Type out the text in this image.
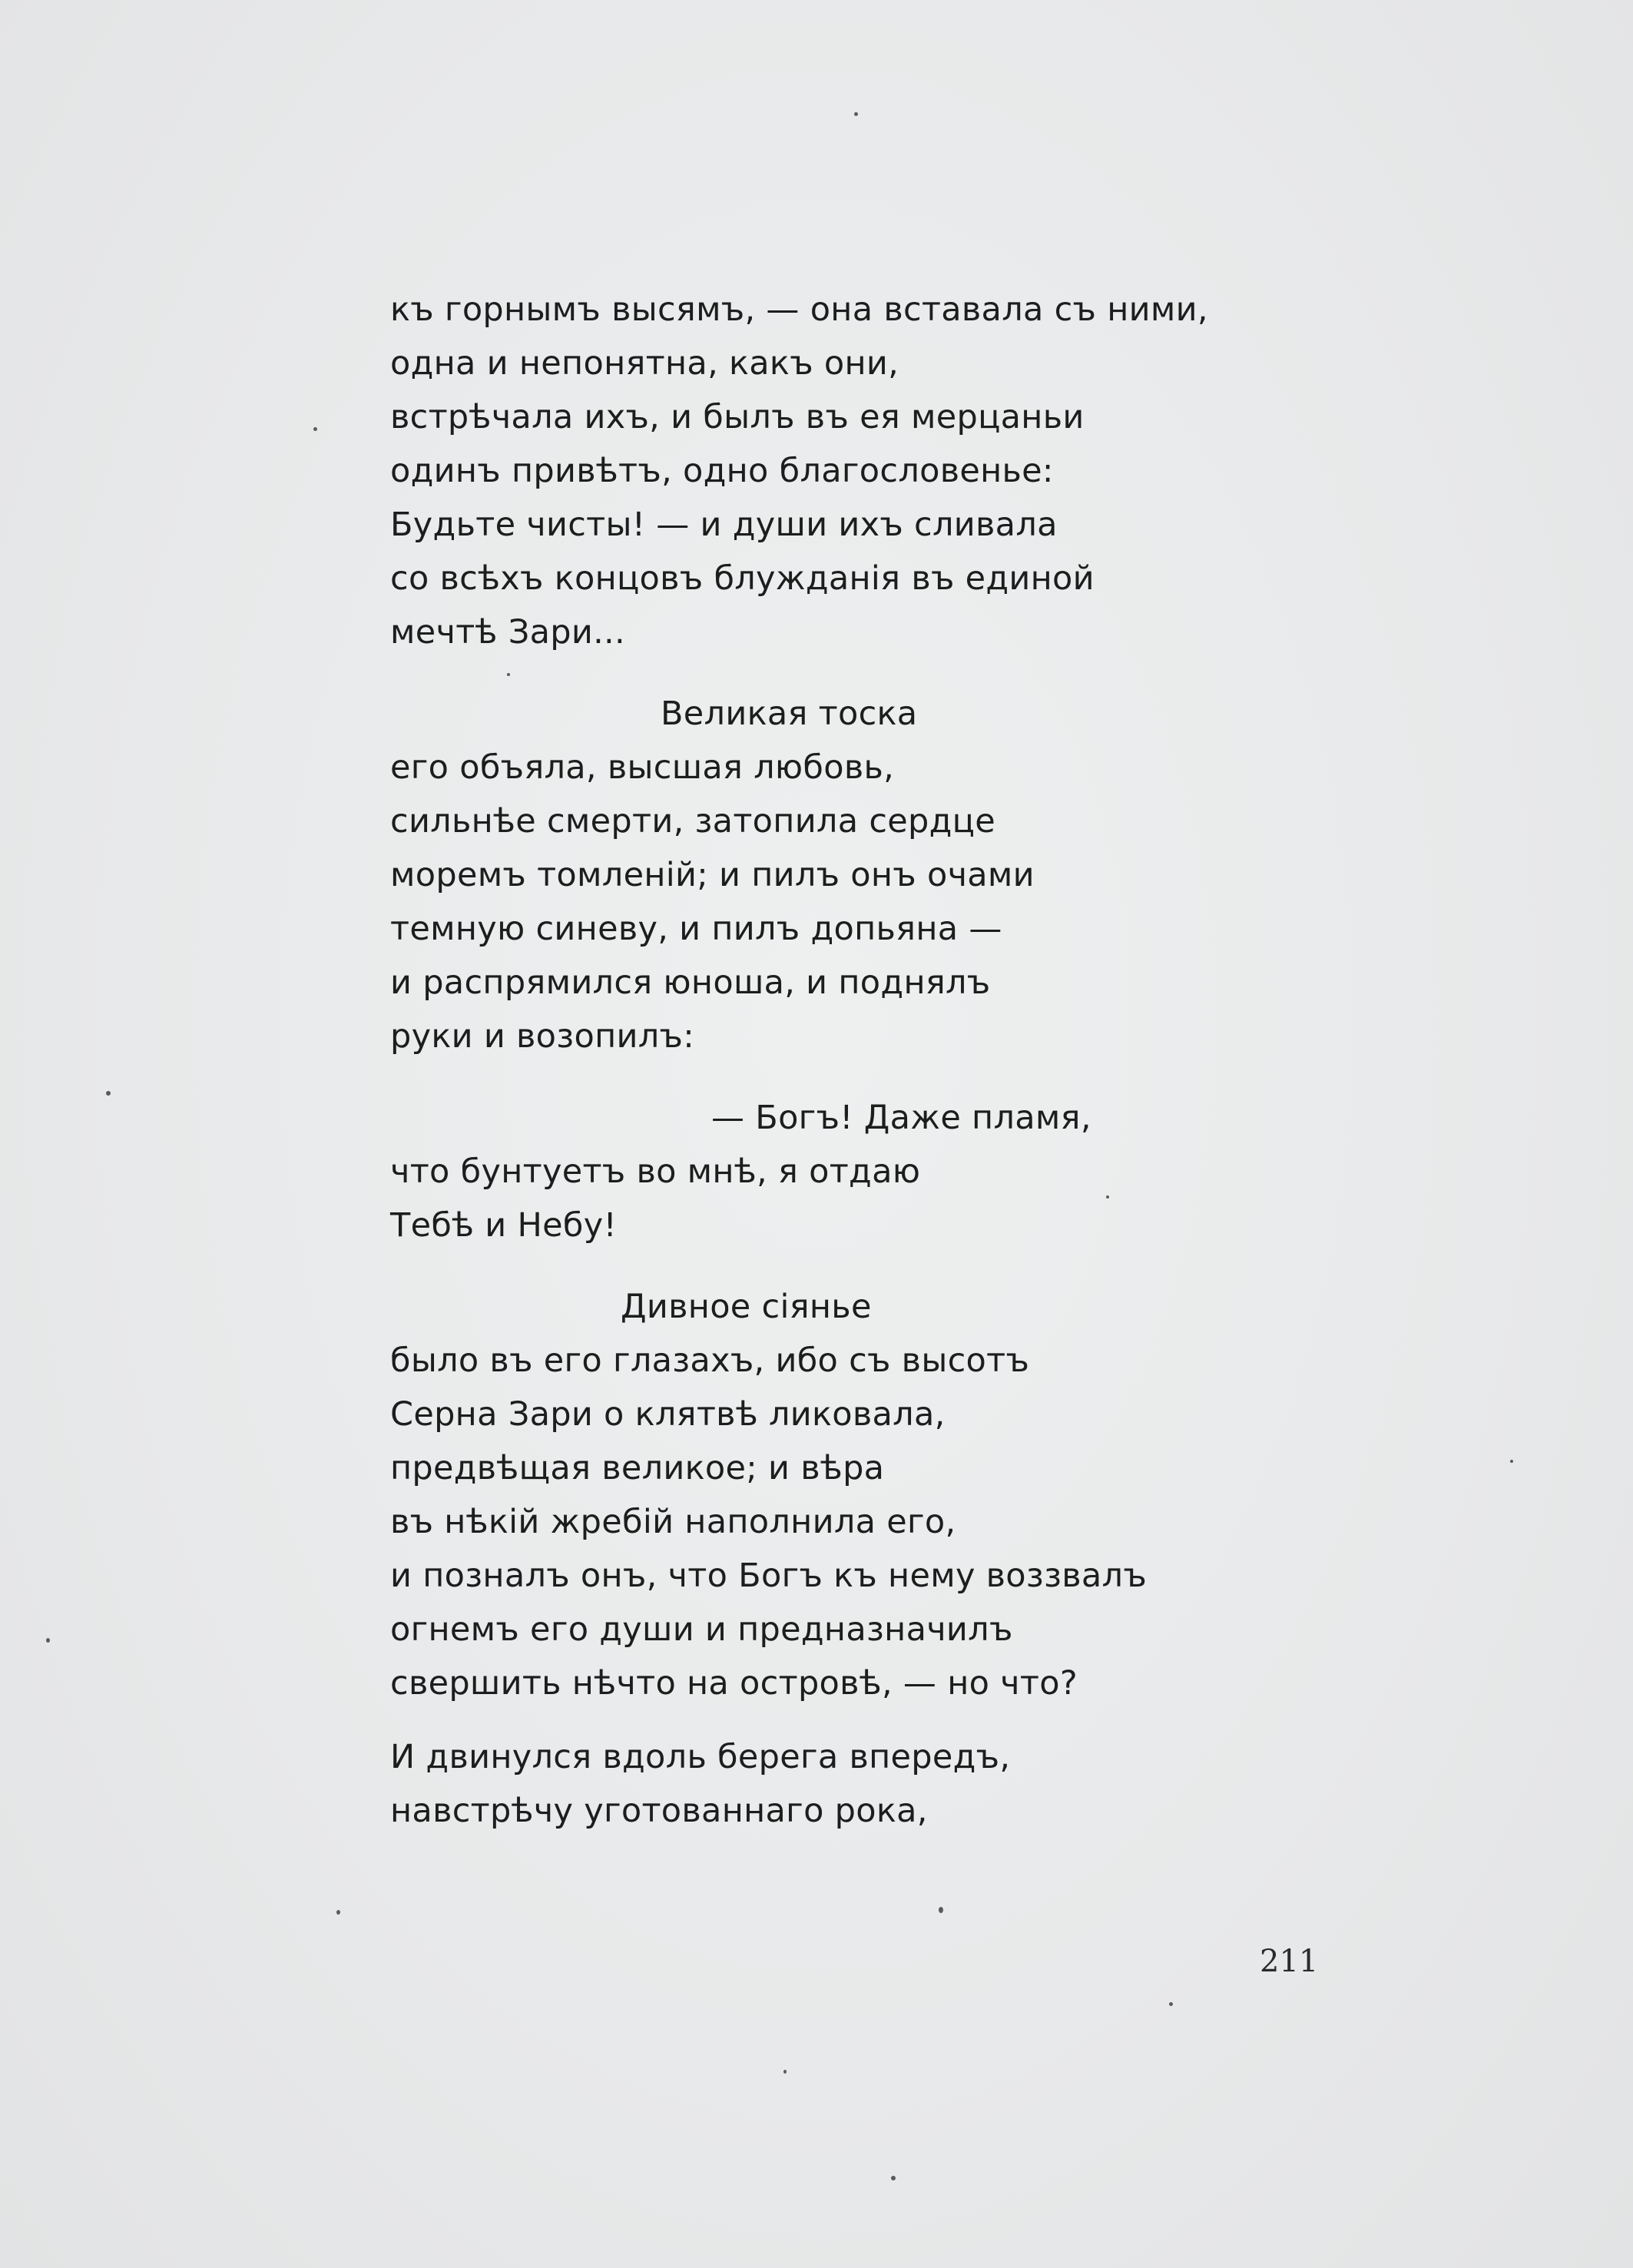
къ горнымъ высямъ, — она вставала съ ними,
одна и непонятна, какъ они,
встрѣчала ихъ, и былъ въ ея мерцаньи
одинъ привѣтъ, одно благословенье:
Будьте чисты! — и души ихъ сливала
со всѣхъ концовъ блужданія въ единой
мечтѣ Зари...
Великая тоска
его объяла, высшая любовь,
сильнѣе смерти, затопила сердце
моремъ томленій; и пилъ онъ очами
темную синеву, и пилъ допьяна —
и распрямился юноша, и поднялъ
руки и возопилъ:
— Богъ! Даже пламя,
что бунтуетъ во мнѣ, я отдаю
Тебѣ и Небу!
Дивное сіянье
было въ его глазахъ, ибо съ высотъ
Серна Зари о клятвѣ ликовала,
предвѣщая великое; и вѣра
въ нѣкій жребій наполнила его,
и позналъ онъ, что Богъ къ нему воззвалъ
огнемъ его души и предназначилъ
свершить нѣчто на островѣ, — но что?
И двинулся вдоль берега впередъ,
навстрѣчу уготованнаго рока,
211
